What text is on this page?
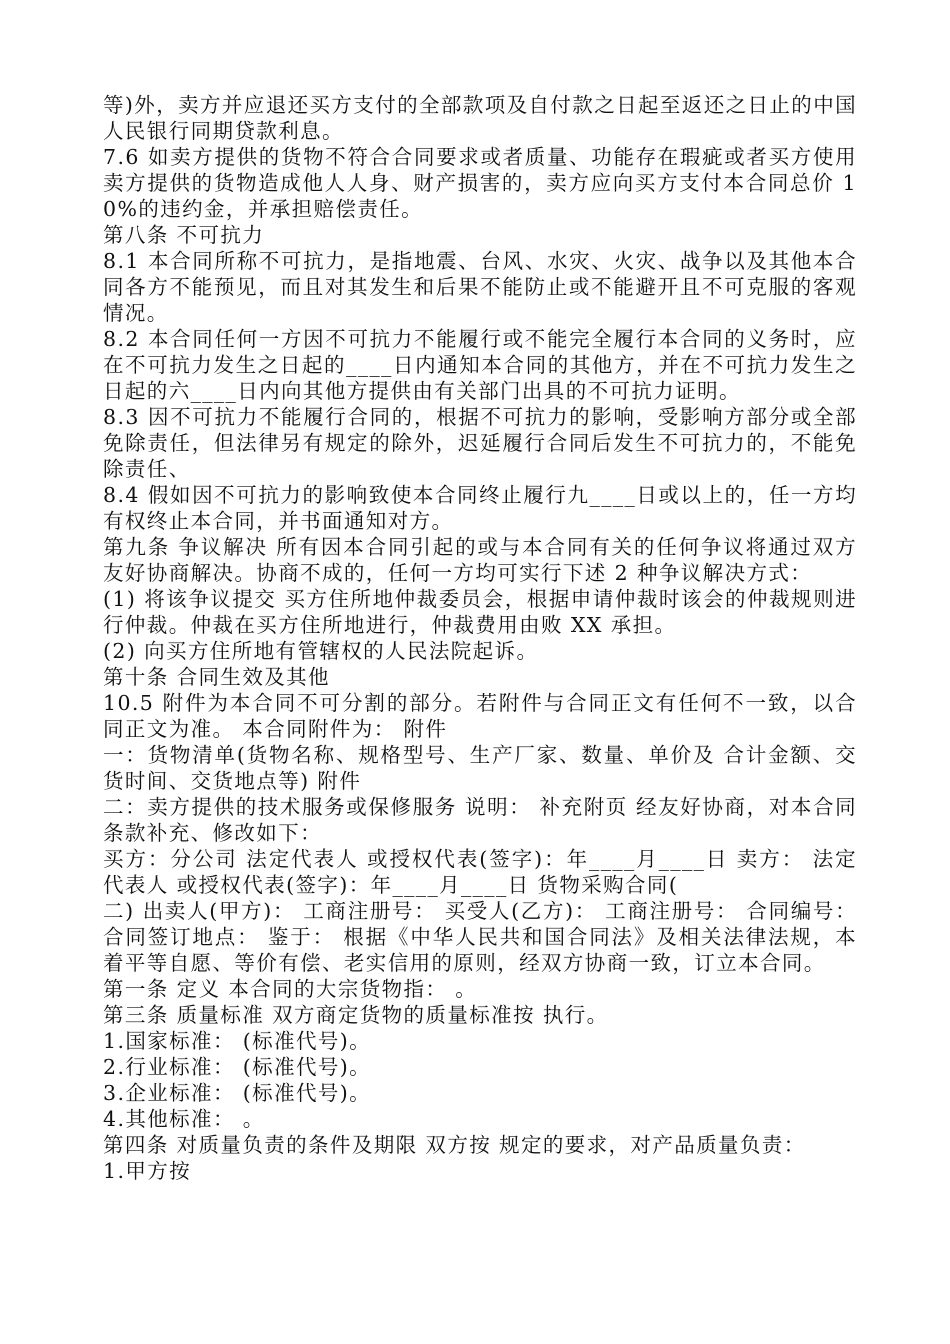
等)外，卖方并应退还买方支付的全部款项及自付款之日起至返还之日止的中国人民银行同期贷款利息。

7.6 如卖方提供的货物不符合合同要求或者质量、功能存在瑕疵或者买方使用卖方提供的货物造成他人人身、财产损害的，卖方应向买方支付本合同总价 10%的违约金，并承担赔偿责任。

第八条 不可抗力

8.1 本合同所称不可抗力，是指地震、台风、水灾、火灾、战争以及其他本合同各方不能预见，而且对其发生和后果不能防止或不能避开且不可克服的客观情况。

8.2 本合同任何一方因不可抗力不能履行或不能完全履行本合同的义务时，应在不可抗力发生之日起的____日内通知本合同的其他方，并在不可抗力发生之日起的六____日内向其他方提供由有关部门出具的不可抗力证明。

8.3 因不可抗力不能履行合同的，根据不可抗力的影响，受影响方部分或全部免除责任，但法律另有规定的除外，迟延履行合同后发生不可抗力的，不能免除责任、

8.4 假如因不可抗力的影响致使本合同终止履行九____日或以上的，任一方均有权终止本合同，并书面通知对方。

第九条 争议解决 所有因本合同引起的或与本合同有关的任何争议将通过双方友好协商解决。协商不成的，任何一方均可实行下述 2 种争议解决方式：

(1) 将该争议提交 买方住所地仲裁委员会，根据申请仲裁时该会的仲裁规则进行仲裁。仲裁在买方住所地进行，仲裁费用由败 XX 承担。

(2) 向买方住所地有管辖权的人民法院起诉。

第十条 合同生效及其他

10.5 附件为本合同不可分割的部分。若附件与合同正文有任何不一致，以合同正文为准。 本合同附件为： 附件

一：货物清单(货物名称、规格型号、生产厂家、数量、单价及 合计金额、交货时间、交货地点等) 附件

二：卖方提供的技术服务或保修服务 说明： 补充附页 经友好协商，对本合同条款补充、修改如下：

买方：分公司 法定代表人 或授权代表(签字)：年____月____日 卖方： 法定代表人 或授权代表(签字)：年____月____日 货物采购合同(

二) 出卖人(甲方)： 工商注册号： 买受人(乙方)： 工商注册号： 合同编号： 合同签订地点： 鉴于： 根据《中华人民共和国合同法》及相关法律法规，本着平等自愿、等价有偿、老实信用的原则，经双方协商一致，订立本合同。

第一条 定义 本合同的大宗货物指： 。

第三条 质量标准 双方商定货物的质量标准按 执行。

1.国家标准： (标准代号)。

2.行业标准： (标准代号)。

3.企业标准： (标准代号)。

4.其他标准： 。

第四条 对质量负责的条件及期限 双方按 规定的要求，对产品质量负责：

1.甲方按
